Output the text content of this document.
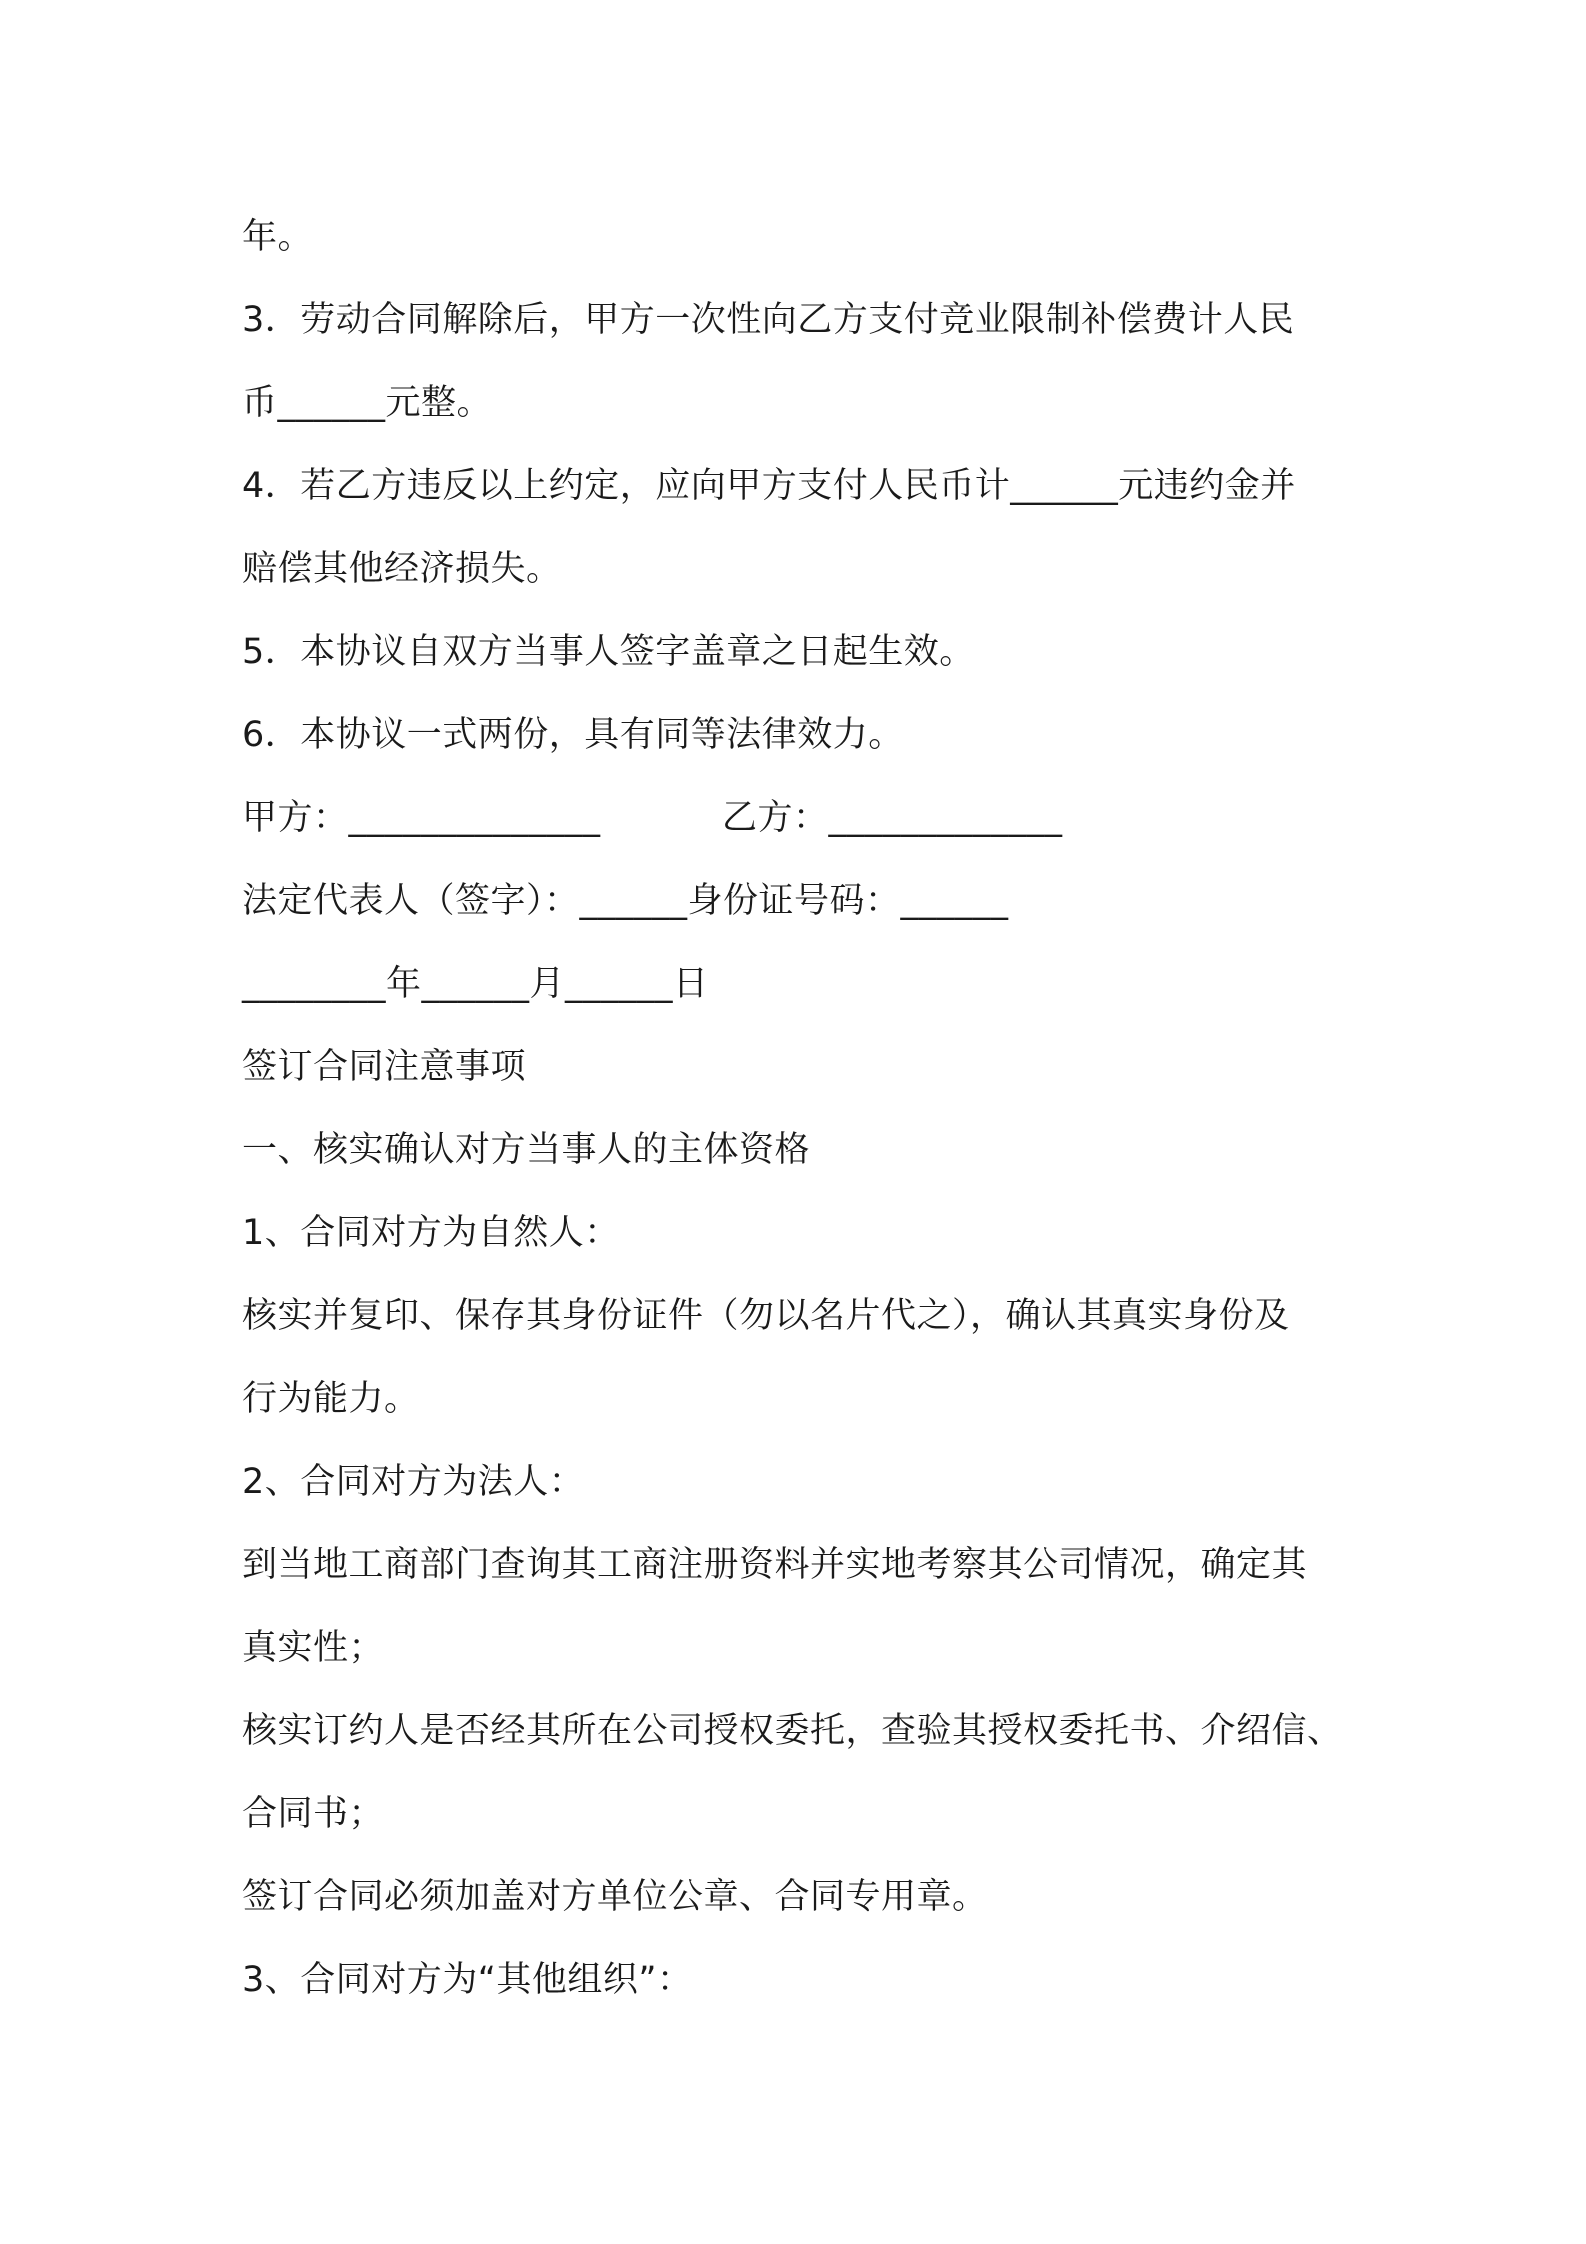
年。
3．劳动合同解除后，甲方一次性向乙方支付竞业限制补偿费计人民
币______元整。
4．若乙方违反以上约定，应向甲方支付人民币计______元违约金并
赔偿其他经济损失。
5．本协议自双方当事人签字盖章之日起生效。
6．本协议一式两份，具有同等法律效力。
甲方：______________	乙方：_____________
法定代表人（签字）：______身份证号码：______
________年______月______日
签订合同注意事项
一、核实确认对方当事人的主体资格
1、合同对方为自然人：
核实并复印、保存其身份证件（勿以名片代之），确认其真实身份及
行为能力。
2、合同对方为法人：
到当地工商部门查询其工商注册资料并实地考察其公司情况，确定其
真实性；
核实订约人是否经其所在公司授权委托，查验其授权委托书、介绍信、
合同书；
签订合同必须加盖对方单位公章、合同专用章。
3、合同对方为“其他组织”：
